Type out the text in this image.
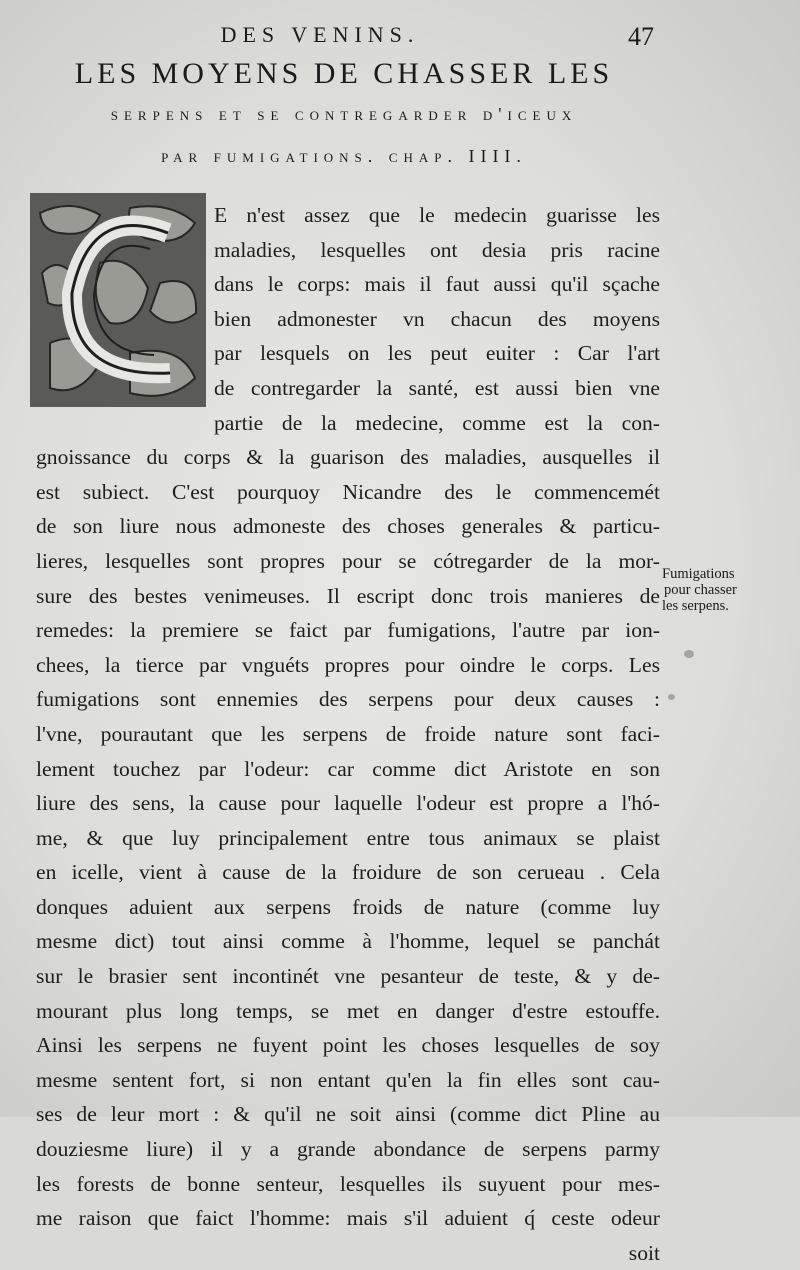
DES VENINS.	47
LES MOYENS DE CHASSER LES
serpens et se contregarder d'iceux
par fumigations. chap. IIII.
E n'est assez que le medecin guarisse les
maladies, lesquelles ont desia pris racine
dans le corps: mais il faut aussi qu'il sçache
bien admonester vn chacun des moyens
par lesquels on les peut euiter : Car l'art
de contregarder la santé, est aussi bien vne
partie de la medecine, comme est la con-
gnoissance du corps & la guarison des maladies, ausquelles il
est subiect. C'est pourquoy Nicandre des le commencemét
de son liure nous admoneste des choses generales & particu-
lieres, lesquelles sont propres pour se cótregarder de la mor-
sure des bestes venimeuses. Il escript donc trois manieres de
remedes: la premiere se faict par fumigations, l'autre par ion-
chees, la tierce par vnguéts propres pour oindre le corps. Les
fumigations sont ennemies des serpens pour deux causes :
l'vne, pourautant que les serpens de froide nature sont faci-
lement touchez par l'odeur: car comme dict Aristote en son
liure des sens, la cause pour laquelle l'odeur est propre a l'hó-
me, & que luy principalement entre tous animaux se plaist
en icelle, vient à cause de la froidure de son cerueau . Cela
donques aduient aux serpens froids de nature (comme luy
mesme dict) tout ainsi comme à l'homme, lequel se panchát
sur le brasier sent incontinét vne pesanteur de teste, & y de-
mourant plus long temps, se met en danger d'estre estouffe.
Ainsi les serpens ne fuyent point les choses lesquelles de soy
mesme sentent fort, si non entant qu'en la fin elles sont cau-
ses de leur mort : & qu'il ne soit ainsi (comme dict Pline au
douziesme liure) il y a grande abondance de serpens parmy
les forests de bonne senteur, lesquelles ils suyuent pour mes-
me raison que faict l'homme: mais s'il aduient q́ ceste odeur
soit
Fumigations
pour chasser
les serpens.
